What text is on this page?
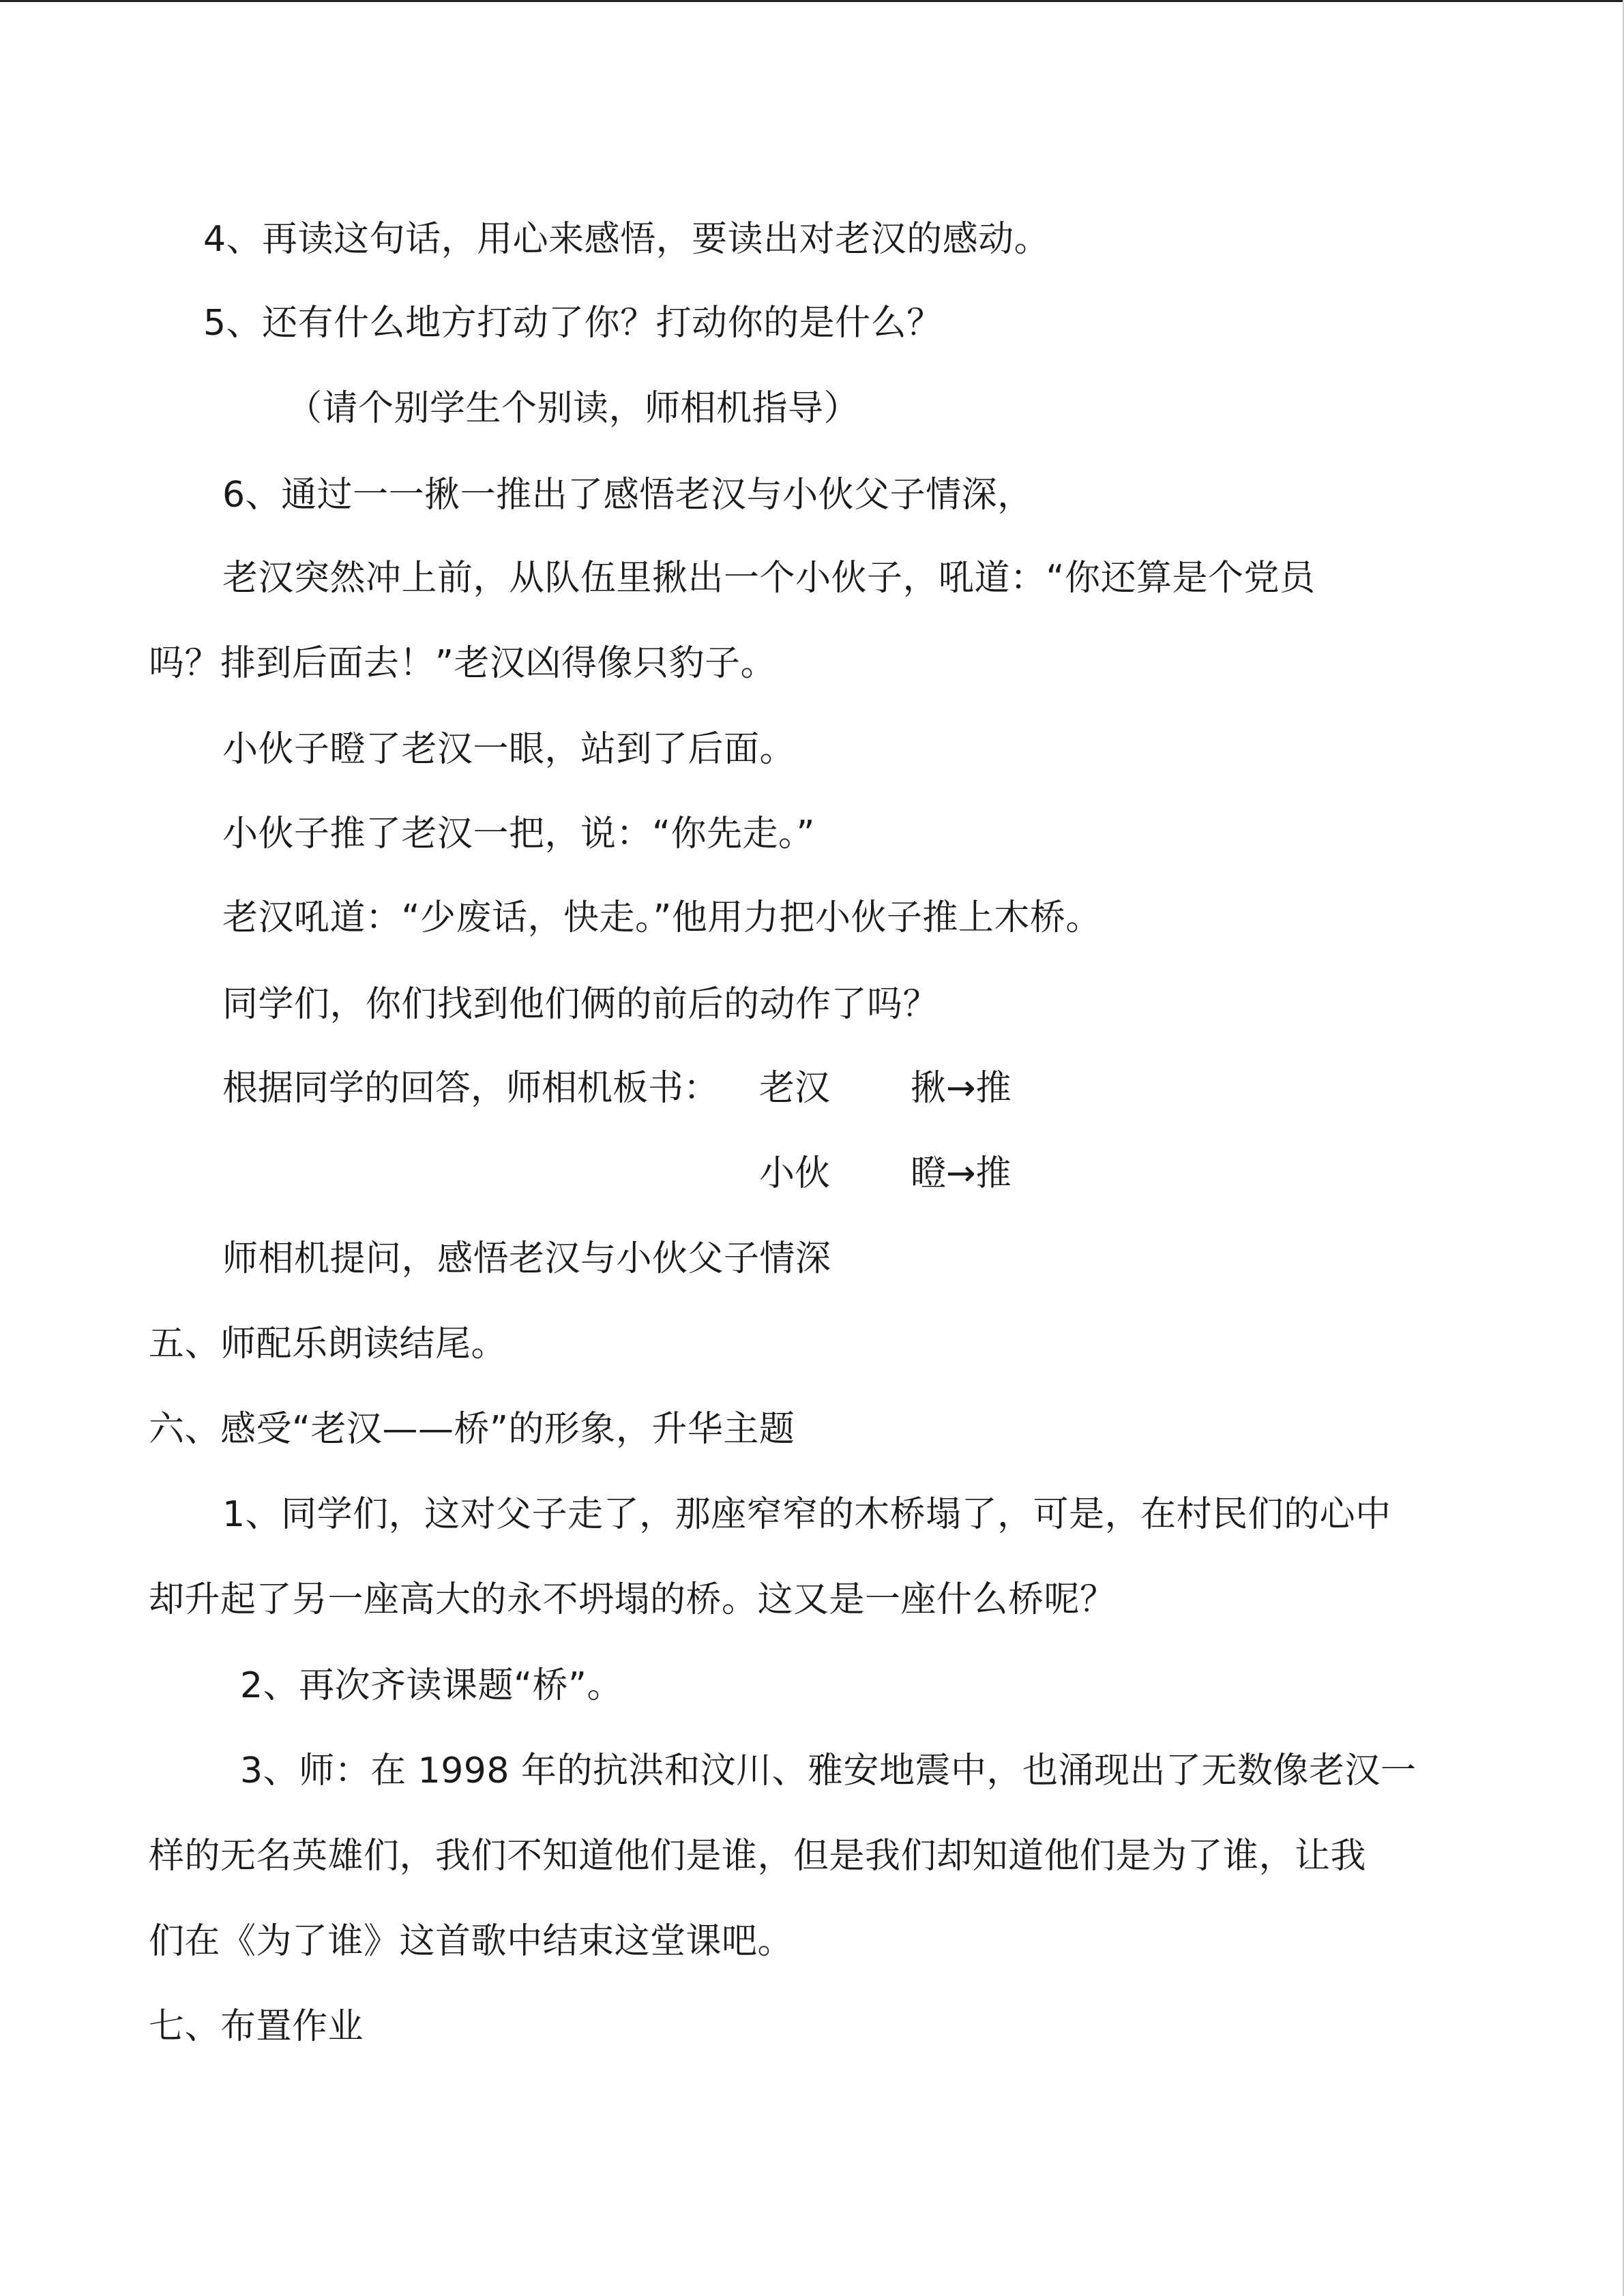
4、再读这句话，用心来感悟，要读出对老汉的感动。
5、还有什么地方打动了你？打动你的是什么？
（请个别学生个别读，师相机指导）
6、通过一一揪一推出了感悟老汉与小伙父子情深，
老汉突然冲上前，从队伍里揪出一个小伙子，吼道：“你还算是个党员
吗？排到后面去！”老汉凶得像只豹子。
小伙子瞪了老汉一眼，站到了后面。
小伙子推了老汉一把，说：“你先走。”
老汉吼道：“少废话，快走。”他用力把小伙子推上木桥。
同学们，你们找到他们俩的前后的动作了吗？
根据同学的回答，师相机板书： 老汉 揪→推
小伙 瞪→推
师相机提问，感悟老汉与小伙父子情深
五、师配乐朗读结尾。
六、感受“老汉——桥”的形象，升华主题
1、同学们，这对父子走了，那座窄窄的木桥塌了，可是，在村民们的心中
却升起了另一座高大的永不坍塌的桥。这又是一座什么桥呢？
2、再次齐读课题“桥”。
3、师：在 1998 年的抗洪和汶川、雅安地震中，也涌现出了无数像老汉一
样的无名英雄们，我们不知道他们是谁，但是我们却知道他们是为了谁，让我
们在《为了谁》这首歌中结束这堂课吧。
七、布置作业
